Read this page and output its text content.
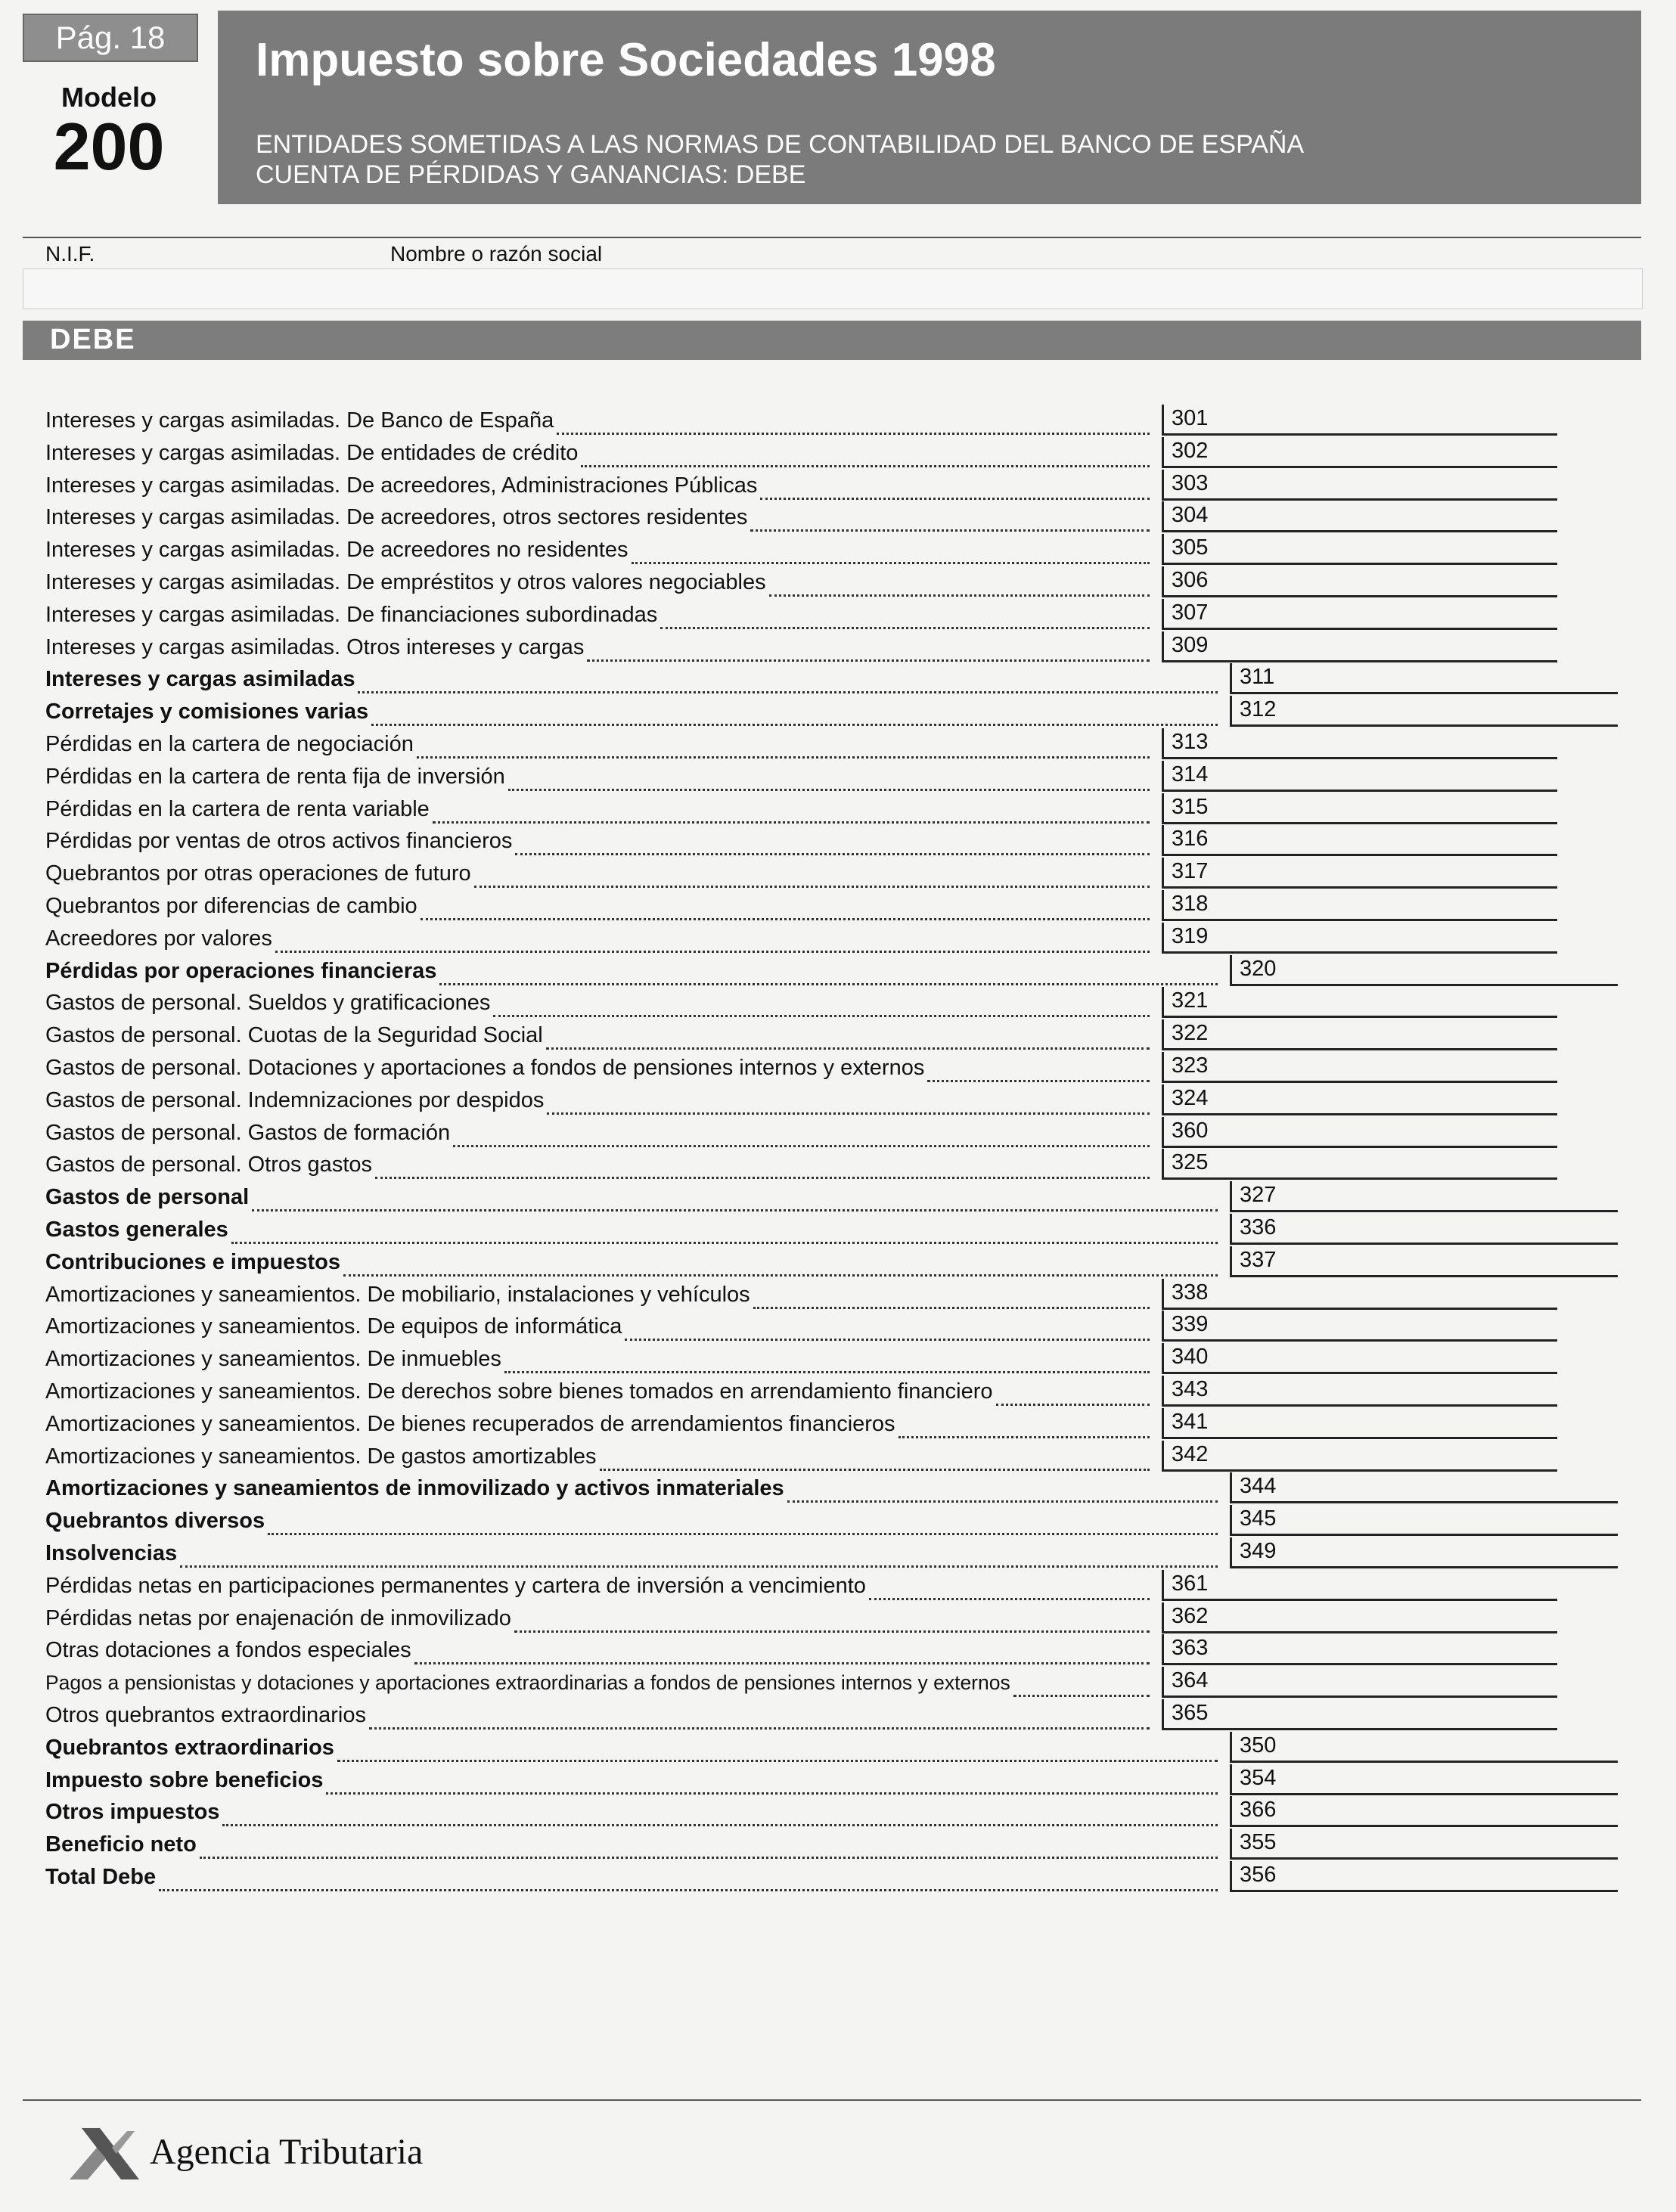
Pág. 18
Modelo
200
Impuesto sobre Sociedades 1998
ENTIDADES SOMETIDAS A LAS NORMAS DE CONTABILIDAD DEL BANCO DE ESPAÑA
CUENTA DE PÉRDIDAS Y GANANCIAS: DEBE
N.I.F.	Nombre o razón social
DEBE
Intereses y cargas asimiladas. De Banco de España	301
Intereses y cargas asimiladas. De entidades de crédito	302
Intereses y cargas asimiladas. De acreedores, Administraciones Públicas	303
Intereses y cargas asimiladas. De acreedores, otros sectores residentes	304
Intereses y cargas asimiladas. De acreedores no residentes	305
Intereses y cargas asimiladas. De empréstitos y otros valores negociables	306
Intereses y cargas asimiladas. De financiaciones subordinadas	307
Intereses y cargas asimiladas. Otros intereses y cargas	309
Intereses y cargas asimiladas	311
Corretajes y comisiones varias	312
Pérdidas en la cartera de negociación	313
Pérdidas en la cartera de renta fija de inversión	314
Pérdidas en la cartera de renta variable	315
Pérdidas por ventas de otros activos financieros	316
Quebrantos por otras operaciones de futuro	317
Quebrantos por diferencias de cambio	318
Acreedores por valores	319
Pérdidas por operaciones financieras	320
Gastos de personal. Sueldos y gratificaciones	321
Gastos de personal. Cuotas de la Seguridad Social	322
Gastos de personal. Dotaciones y aportaciones a fondos de pensiones internos y externos	323
Gastos de personal. Indemnizaciones por despidos	324
Gastos de personal. Gastos de formación	360
Gastos de personal. Otros gastos	325
Gastos de personal	327
Gastos generales	336
Contribuciones e impuestos	337
Amortizaciones y saneamientos. De mobiliario, instalaciones y vehículos	338
Amortizaciones y saneamientos. De equipos de informática	339
Amortizaciones y saneamientos. De inmuebles	340
Amortizaciones y saneamientos. De derechos sobre bienes tomados en arrendamiento financiero	343
Amortizaciones y saneamientos. De bienes recuperados de arrendamientos financieros	341
Amortizaciones y saneamientos. De gastos amortizables	342
Amortizaciones y saneamientos de inmovilizado y activos inmateriales	344
Quebrantos diversos	345
Insolvencias	349
Pérdidas netas en participaciones permanentes y cartera de inversión a vencimiento	361
Pérdidas netas por enajenación de inmovilizado	362
Otras dotaciones a fondos especiales	363
Pagos a pensionistas y dotaciones y aportaciones extraordinarias a fondos de pensiones internos y externos	364
Otros quebrantos extraordinarios	365
Quebrantos extraordinarios	350
Impuesto sobre beneficios	354
Otros impuestos	366
Beneficio neto	355
Total Debe	356
Agencia Tributaria
